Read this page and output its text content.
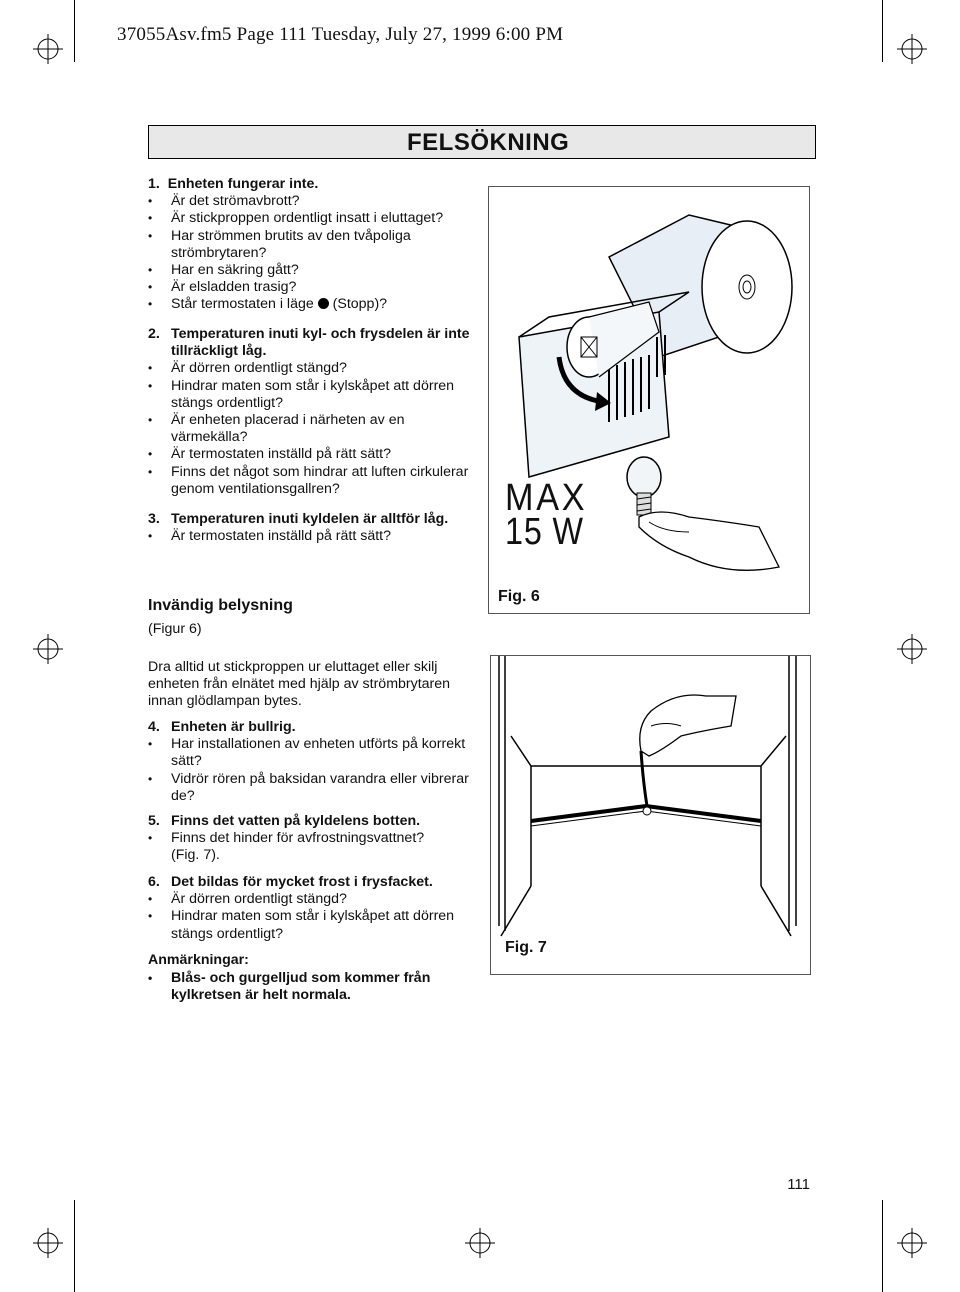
37055Asv.fm5 Page 111 Tuesday, July 27, 1999 6:00 PM
FELSÖKNING
1. Enheten fungerar inte.
• Är det strömavbrott?
• Är stickproppen ordentligt insatt i eluttaget?
• Har strömmen brutits av den tvåpoliga strömbrytaren?
• Har en säkring gått?
• Är elsladden trasig?
• Står termostaten i läge (Stopp)?
2. Temperaturen inuti kyl- och frysdelen är inte tillräckligt låg.
• Är dörren ordentligt stängd?
• Hindrar maten som står i kylskåpet att dörren stängs ordentligt?
• Är enheten placerad i närheten av en värmekälla?
• Är termostaten inställd på rätt sätt?
• Finns det något som hindrar att luften cirkulerar genom ventilationsgallren?
3. Temperaturen inuti kyldelen är alltför låg.
• Är termostaten inställd på rätt sätt?
MAX
15 W
Fig. 6
Invändig belysning
(Figur 6)
Dra alltid ut stickproppen ur eluttaget eller skilj enheten från elnätet med hjälp av strömbrytaren innan glödlampan bytes.
4. Enheten är bullrig.
• Har installationen av enheten utförts på korrekt sätt?
• Vidrör rören på baksidan varandra eller vibrerar de?
5. Finns det vatten på kyldelens botten.
• Finns det hinder för avfrostningsvattnet?
(Fig. 7).
6. Det bildas för mycket frost i frysfacket.
• Är dörren ordentligt stängd?
• Hindrar maten som står i kylskåpet att dörren stängs ordentligt?
Anmärkningar:
• Blås- och gurgelljud som kommer från kylkretsen är helt normala.
Fig. 7
111
